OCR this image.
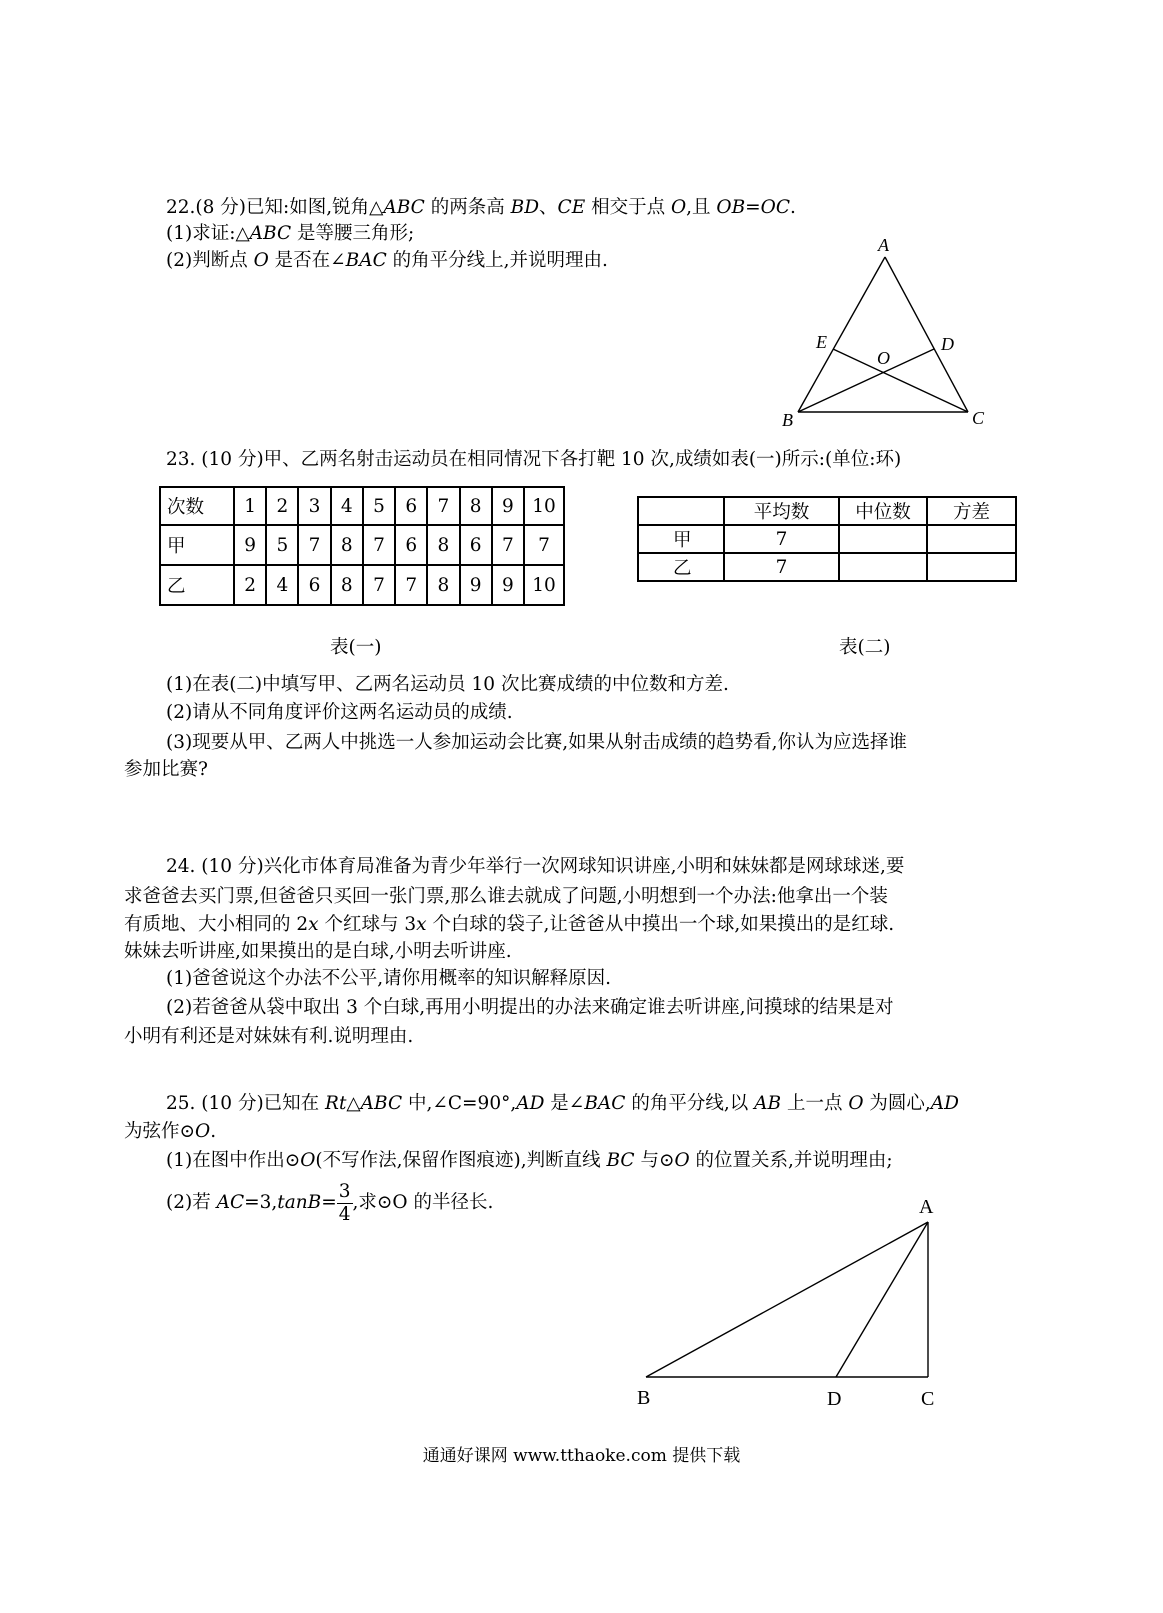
22.(8 分)已知:如图,锐角△ABC 的两条高 BD、CE 相交于点 O,且 OB=OC.
(1)求证:△ABC 是等腰三角形;
(2)判断点 O 是否在∠BAC 的角平分线上,并说明理由.
A
B	C
D
E
O
23. (10 分)甲、乙两名射击运动员在相同情况下各打靶 10 次,成绩如表(一)所示:(单位:环)
次数	1	2	3	4	5	6	7	8	9	10
甲	9	5	7	8	7	6	8	6	7	7
乙	2	4	6	8	7	7	8	9	9	10
	平均数	中位数	方差
甲	7		
乙	7		
表(一)	表(二)
(1)在表(二)中填写甲、乙两名运动员 10 次比赛成绩的中位数和方差.
(2)请从不同角度评价这两名运动员的成绩.
(3)现要从甲、乙两人中挑选一人参加运动会比赛,如果从射击成绩的趋势看,你认为应选择谁
参加比赛?
24. (10 分)兴化市体育局准备为青少年举行一次网球知识讲座,小明和妹妹都是网球球迷,要
求爸爸去买门票,但爸爸只买回一张门票,那么谁去就成了问题,小明想到一个办法:他拿出一个装
有质地、大小相同的 2x 个红球与 3x 个白球的袋子,让爸爸从中摸出一个球,如果摸出的是红球.
妹妹去听讲座,如果摸出的是白球,小明去听讲座.
(1)爸爸说这个办法不公平,请你用概率的知识解释原因.
(2)若爸爸从袋中取出 3 个白球,再用小明提出的办法来确定谁去听讲座,问摸球的结果是对
小明有利还是对妹妹有利.说明理由.
25. (10 分)已知在 Rt△ABC 中,∠C=90°,AD 是∠BAC 的角平分线,以 AB 上一点 O 为圆心,AD
为弦作⊙O.
(1)在图中作出⊙O(不写作法,保留作图痕迹),判断直线 BC 与⊙O 的位置关系,并说明理由;
(2)若 $AC=3,\tan B= \frac{3}{4}$ ,求⊙O 的半径长.	A
B	D	C
通通好课网 www.tthaoke.com 提供下载
